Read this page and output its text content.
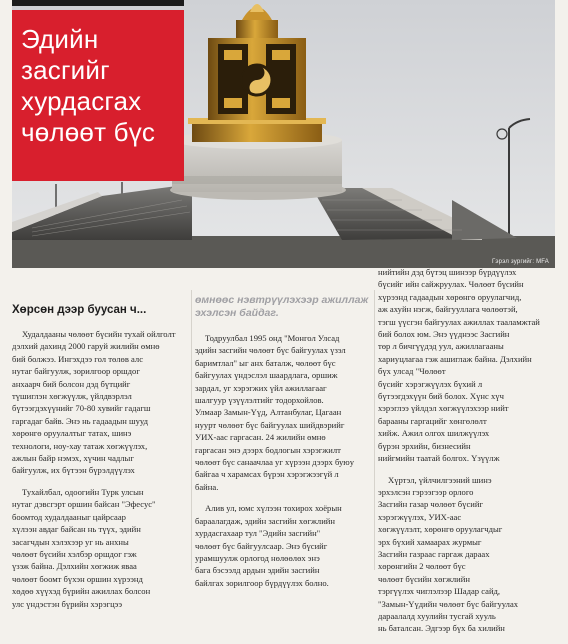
Гэрэл зургийг: MFA
Эдийн
засгийг
хурдасгах
чөлөөт бүс
Хөрсөн дээр буусан ч...
Худалдааны чөлөөт бүсийн тухай ойлголт
дэлхий дахинд 2000 гаруй жилийн өмнө
бий болжээ. Ингэхдээ гол төлөв алс
нутаг байгуулж, зорилгоор оршдог
анхаарч бий болсон дэд бүтцийг
түшиглэн хөгжүүлж, үйлдвэрлэл
бүтээгдэхүүнийг 70-80 хувийг гадагш
гаргадаг байв. Энэ нь гадаадын шууд
хөрөнгө оруулалтыг татах, шинэ
технологи, ноу-хау татаж хөгжүүлэх,
ажлын байр нэмэх, хүчин чадлыг
байгуулж, их бүтээн бүрэлдүүлэх
Тухайлбал, одоогийн Турк улсын
нутаг дэвсгэрт оршин байсан "Эфесус"
боомтод худалдааныг цайрсаар
хүлээн авдаг байсан нь түүх, эдийн
засагчдын хэлэхээр уг нь анхны
чөлөөт бүсийн хэлбэр оршдог гэж
үзэж байна. Дэлхийн хөгжиж яваа
чөлөөт боомт бүхэн оршин хүрээнд
хөдөө хүүхэд бүрийн ажиллах болсон
улс үндэстэн бүрийн хэрэгцээ
өмнөөс нэвтрүүлэхээр ажиллаж
эхэлсэн байдаг.
Тодруулбал 1995 онд "Монгол Улсад
эдийн засгийн чөлөөт бүс байгуулах үзэл
баримтлал" ыг анх баталж, чөлөөт бүс
байгуулах үндэслэл шаардлага, оршиж
зардал, уг хэрэгжих үйл ажиллагааг
шалгуур үзүүлэлтийг тодорхойлов.
Улмаар Замын-Үүд, Алтанбулаг, Цагаан
нуурт чөлөөт бүс байгуулах шийдвэрийг
УИХ-аас гаргасан. 24 жилийн өмнө
гаргасан энэ дээрх бодлогын хэрэгжилт
чөлөөт бүс санаачлаа уг хүрээн дээрх буюу
байгаа ч харамсах бүрэн хэрэгжээгүй л
байна.
Алив ул, юмс хүлээн тохирох хоёрын
бараалагдаж, эдийн засгийн хөгжлийн
хурдасгахаар тул "Эдийн засгийн"
чөлөөт бүс байгуулсаар. Энэ бүсийг
урамшуулж орлогод нөлөөлөх энэ
бага бэсээлд ардын эдийн засгийн
байлгах зорилгоор бүрдүүлэх болно.
нийтийн дэд бүтэц шинээр бүрдүүлэх
бүсийг ийн сайжруулах. Чөлөөт бүсийн
хүрээнд гадаадын хөрөнгө оруулагчид,
аж ахуйн нэгж, байгууллага чөлөөтэй,
тэгш үүсгэн байгуулах ажиллах тааламжтай
бий болох юм. Энэ үүднээс Засгийн
төр л бичгүүдэд уул, ажиллагааны
хариуцлагаа гэж ашиглаж байна. Дэлхийн
бүх улсад "Чөлөөт
бүсийг хэрэгжүүлэх бүхий л
бүтээгдэхүүн бий болох. Хүнс хүч
хэрэглээ үйлдэл хөгжүүлэхээр нийт
барааны гаргацийг хөнгөлөлт
хийж. Ажил олгох шилжүүлэх
бүрэн эрхийн, бизнесийн
нийгмийн таатай болгох. Үзүүлж
Хүртэл, үйлчилгээний шинэ
эрхэлсэн гэрээгээр орлого
Засгийн газар чөлөөт бүсийг
хэрэгжүүлэх, УИХ-аас
хөгжүүлэлт, хөрөнгө оруулагчдыг
эрх бүхий хамаарах журмыг
Засгийн газраас гаргаж дараах
хөрөнгийн 2 чөлөөт бүс
чөлөөт бүсийн хөгжлийн
тэргүүлэх чиглэлээр Шадар сайд,
"Замын-Үүдийн чөлөөт бүс байгуулах
дараалалд хуулийн тусгай хууль
нь баталсан. Эдгээр бүх ба хилийн
